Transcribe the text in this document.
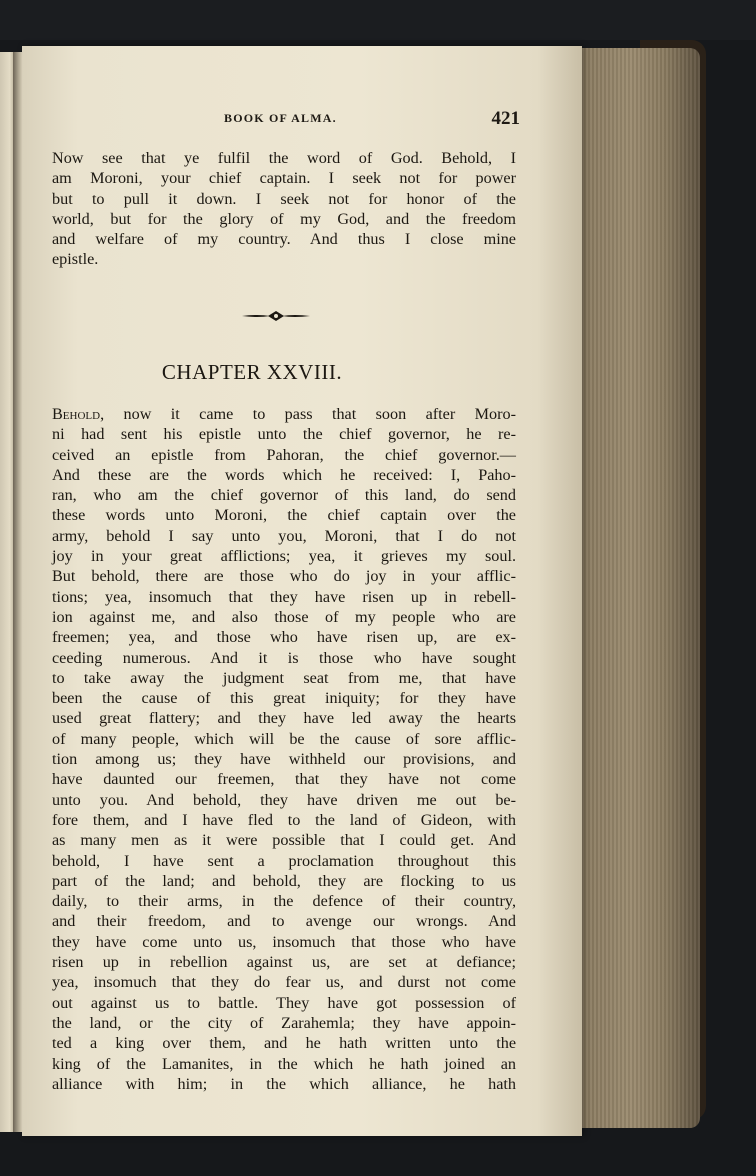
BOOK OF ALMA.	421
Now see that ye fulfil the word of God. Behold, I
am Moroni, your chief captain. I seek not for power
but to pull it down. I seek not for honor of the
world, but for the glory of my God, and the freedom
and welfare of my country. And thus I close mine
epistle.
CHAPTER XXVIII.
Behold, now it came to pass that soon after Moro-
ni had sent his epistle unto the chief governor, he re-
ceived an epistle from Pahoran, the chief governor.—
And these are the words which he received: I, Paho-
ran, who am the chief governor of this land, do send
these words unto Moroni, the chief captain over the
army, behold I say unto you, Moroni, that I do not
joy in your great afflictions; yea, it grieves my soul.
But behold, there are those who do joy in your afflic-
tions; yea, insomuch that they have risen up in rebell-
ion against me, and also those of my people who are
freemen; yea, and those who have risen up, are ex-
ceeding numerous. And it is those who have sought
to take away the judgment seat from me, that have
been the cause of this great iniquity; for they have
used great flattery; and they have led away the hearts
of many people, which will be the cause of sore afflic-
tion among us; they have withheld our provisions, and
have daunted our freemen, that they have not come
unto you. And behold, they have driven me out be-
fore them, and I have fled to the land of Gideon, with
as many men as it were possible that I could get. And
behold, I have sent a proclamation throughout this
part of the land; and behold, they are flocking to us
daily, to their arms, in the defence of their country,
and their freedom, and to avenge our wrongs. And
they have come unto us, insomuch that those who have
risen up in rebellion against us, are set at defiance;
yea, insomuch that they do fear us, and durst not come
out against us to battle. They have got possession of
the land, or the city of Zarahemla; they have appoin-
ted a king over them, and he hath written unto the
king of the Lamanites, in the which he hath joined an
alliance with him; in the which alliance, he hath
